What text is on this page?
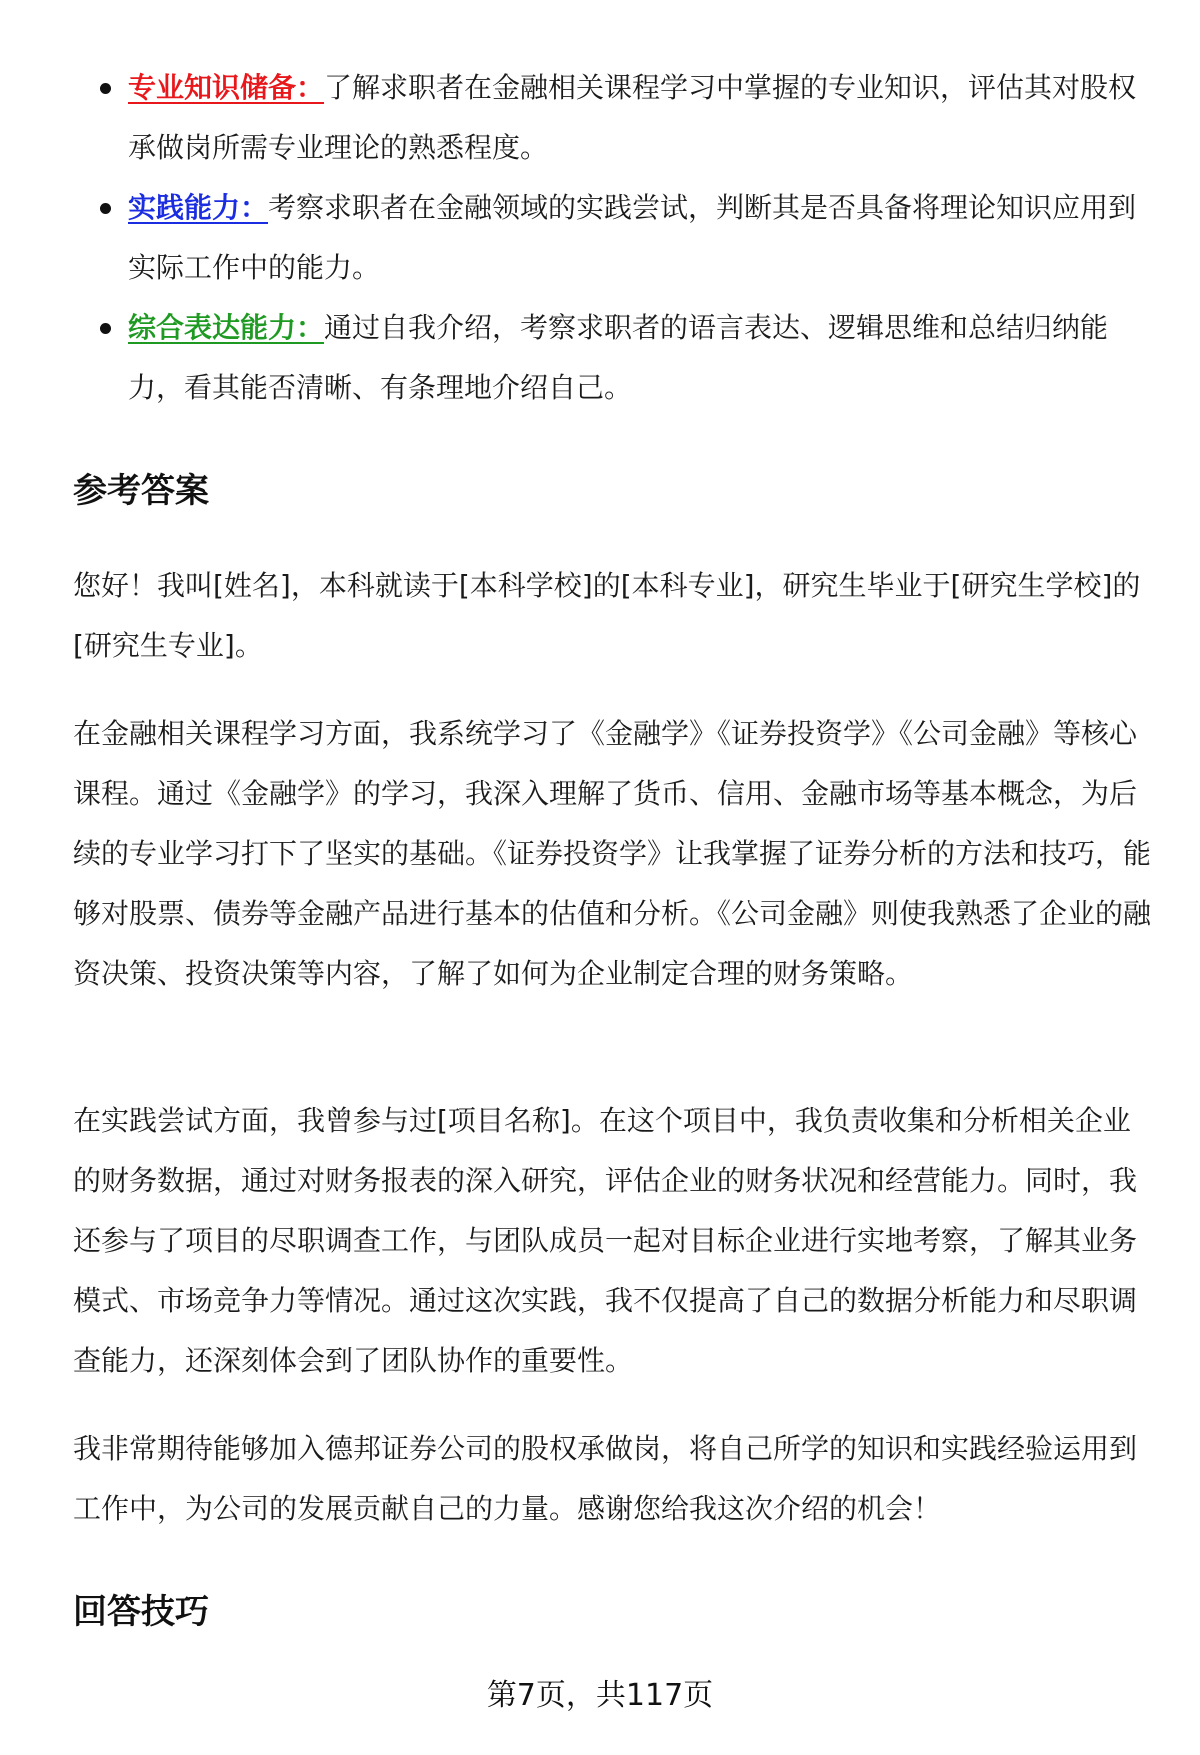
专业知识储备：了解求职者在金融相关课程学习中掌握的专业知识，评估其对股权承做岗所需专业理论的熟悉程度。
实践能力：考察求职者在金融领域的实践尝试，判断其是否具备将理论知识应用到实际工作中的能力。
综合表达能力：通过自我介绍，考察求职者的语言表达、逻辑思维和总结归纳能力，看其能否清晰、有条理地介绍自己。
参考答案

您好！我叫[姓名]，本科就读于[本科学校]的[本科专业]，研究生毕业于[研究生学校]的[研究生专业]。

在金融相关课程学习方面，我系统学习了《金融学》《证券投资学》《公司金融》等核心课程。通过《金融学》的学习，我深入理解了货币、信用、金融市场等基本概念，为后续的专业学习打下了坚实的基础。《证券投资学》让我掌握了证券分析的方法和技巧，能够对股票、债券等金融产品进行基本的估值和分析。《公司金融》则使我熟悉了企业的融资决策、投资决策等内容，了解了如何为企业制定合理的财务策略。

在实践尝试方面，我曾参与过[项目名称]。在这个项目中，我负责收集和分析相关企业的财务数据，通过对财务报表的深入研究，评估企业的财务状况和经营能力。同时，我还参与了项目的尽职调查工作，与团队成员一起对目标企业进行实地考察，了解其业务模式、市场竞争力等情况。通过这次实践，我不仅提高了自己的数据分析能力和尽职调查能力，还深刻体会到了团队协作的重要性。

我非常期待能够加入德邦证券公司的股权承做岗，将自己所学的知识和实践经验运用到工作中，为公司的发展贡献自己的力量。感谢您给我这次介绍的机会！

回答技巧
第7页，共117页
